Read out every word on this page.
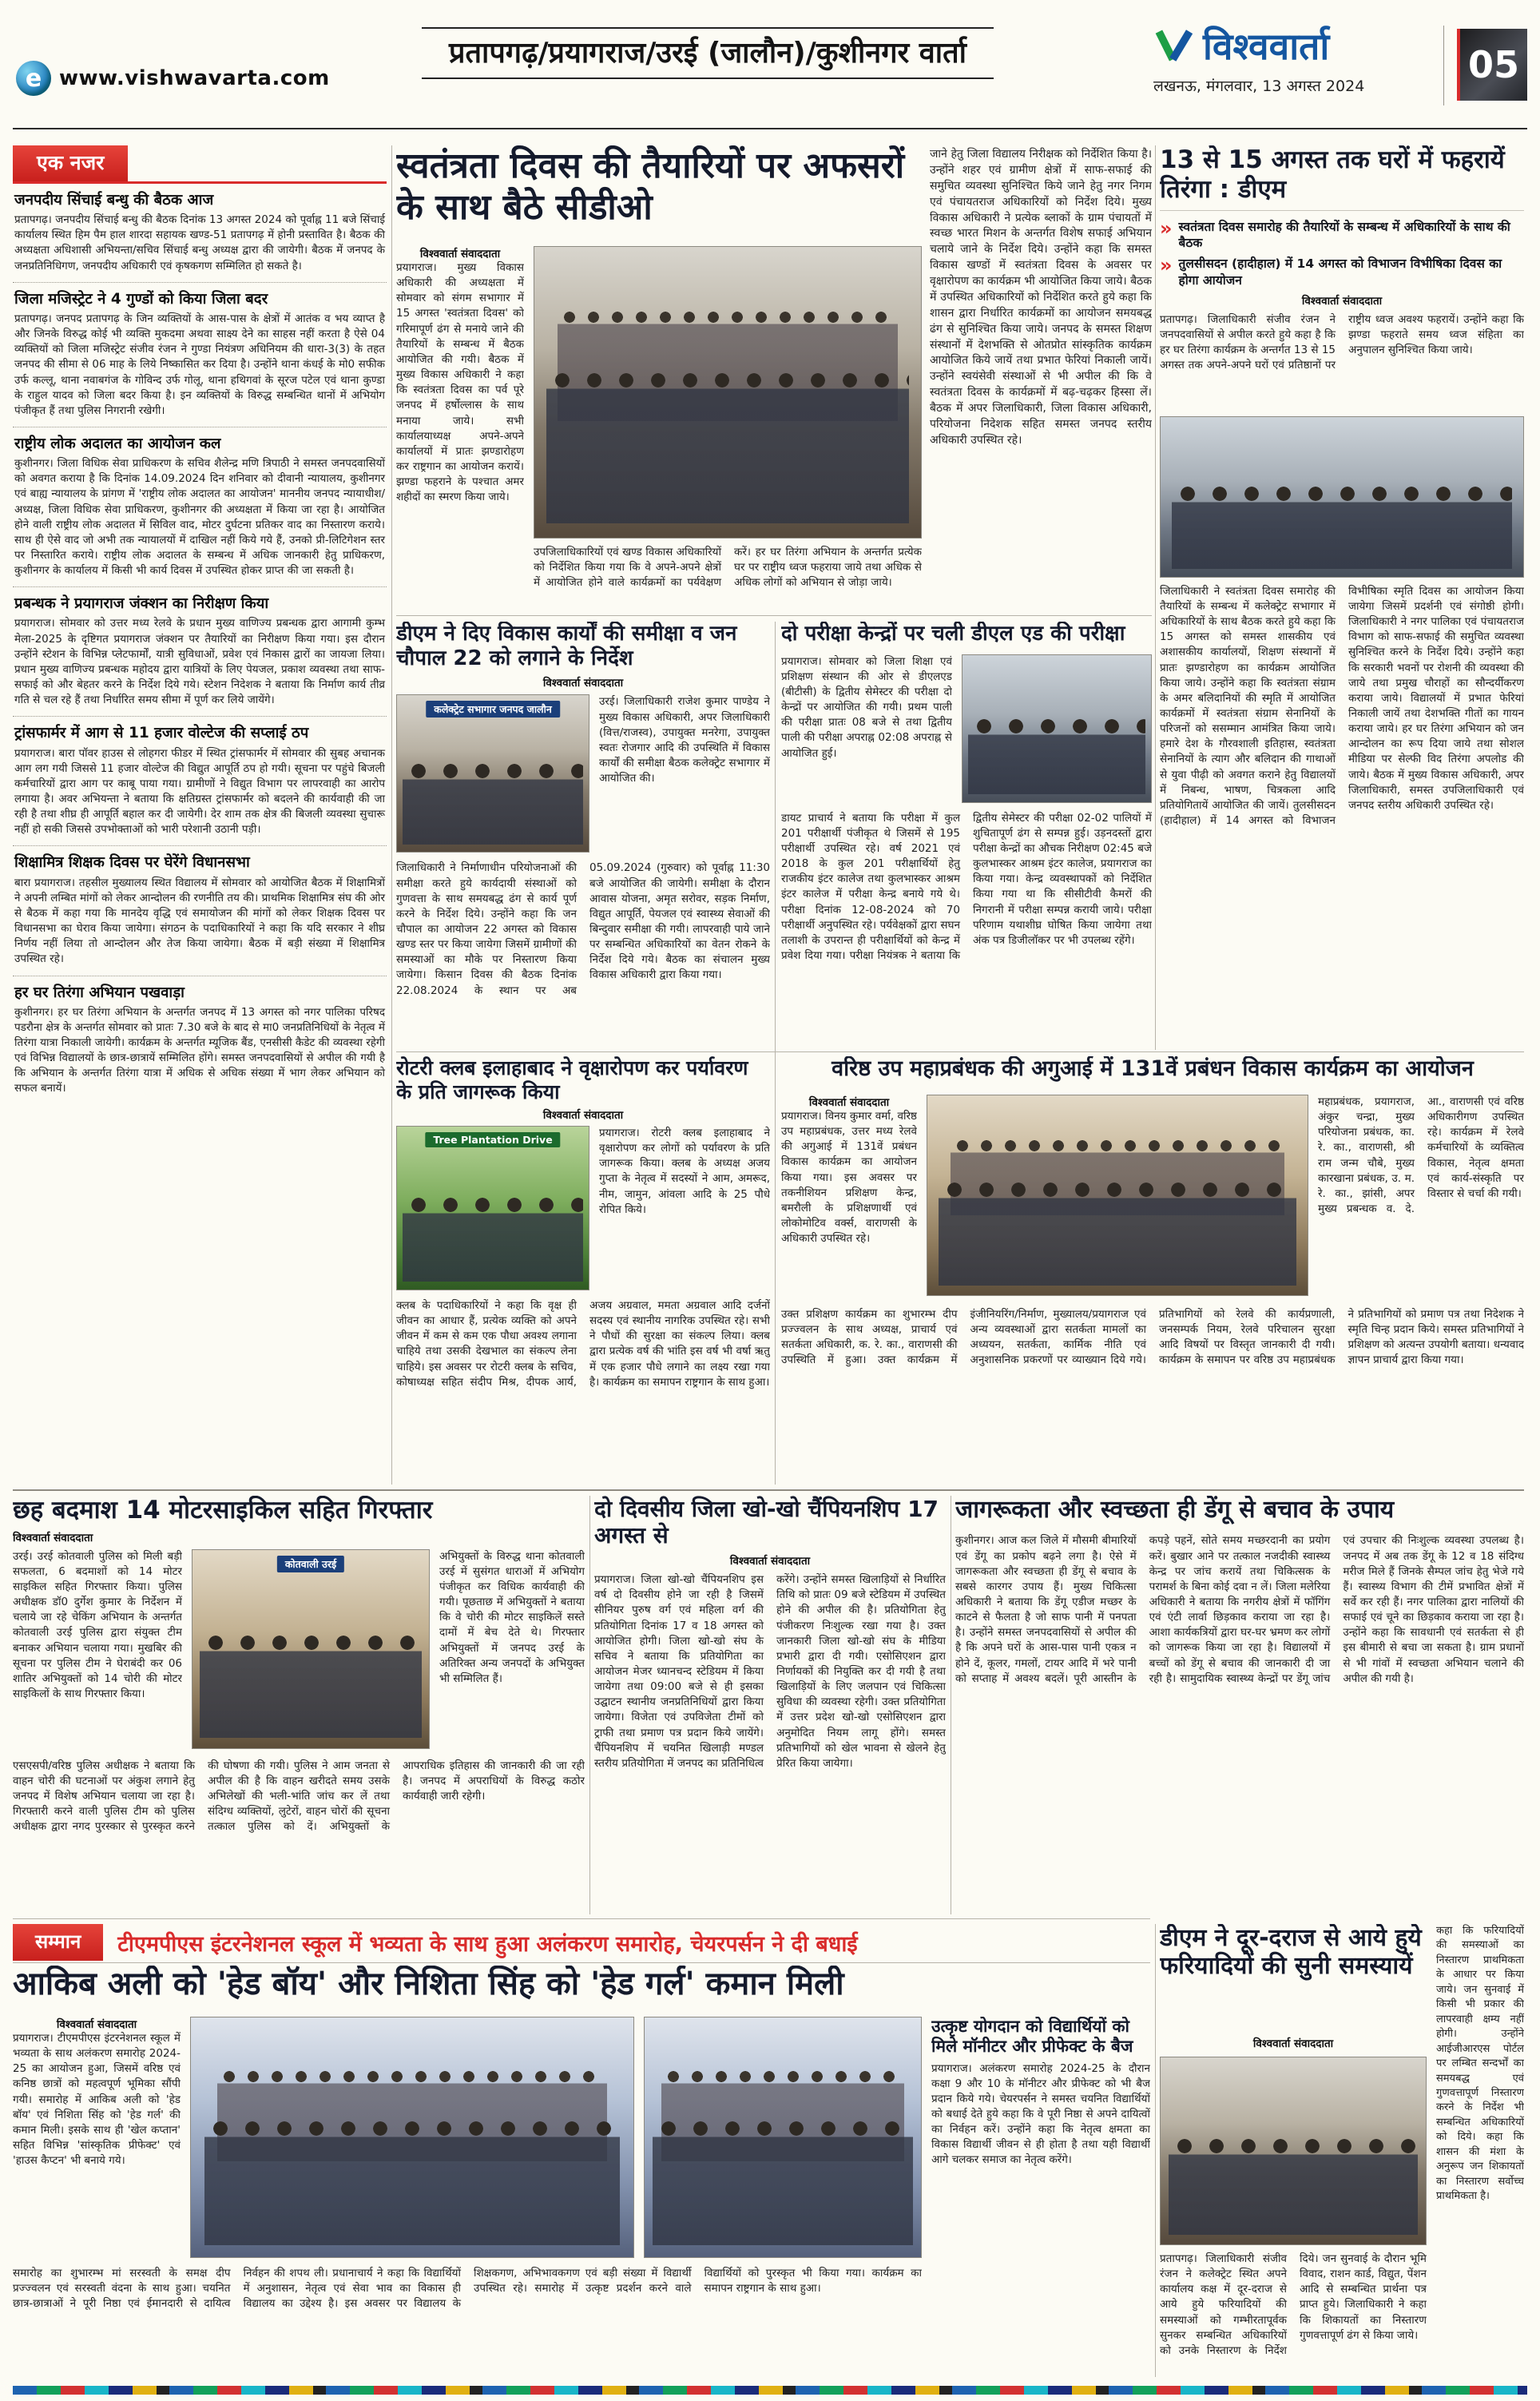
e www.vishwavarta.com
प्रतापगढ़/प्रयागराज/उरई (जालौन)/कुशीनगर वार्ता	विश्ववार्ता
लखनऊ, मंगलवार, 13 अगस्त 2024	05
एक नजर
जनपदीय सिंचाई बन्धु की बैठक आज
प्रतापगढ़। जनपदीय सिंचाई बन्धु की बैठक दिनांक 13 अगस्त 2024 को पूर्वाह्न 11 बजे सिंचाई कार्यालय स्थित हिम पैम हाल शारदा सहायक खण्ड-51 प्रतापगढ़ में होनी प्रस्तावित है। बैठक की अध्यक्षता अधिशासी अभियन्ता/सचिव सिंचाई बन्धु अध्यक्ष द्वारा की जायेगी। बैठक में जनपद के जनप्रतिनिधिगण, जनपदीय अधिकारी एवं कृषकगण सम्मिलित हो सकते है।
जिला मजिस्ट्रेट ने 4 गुण्डों को किया जिला बदर
प्रतापगढ़। जनपद प्रतापगढ़ के जिन व्यक्तियों के आस-पास के क्षेत्रों में आतंक व भय व्याप्त है और जिनके विरुद्ध कोई भी व्यक्ति मुकदमा अथवा साक्ष्य देने का साहस नहीं करता है ऐसे 04 व्यक्तियों को जिला मजिस्ट्रेट संजीव रंजन ने गुण्डा नियंत्रण अधिनियम की धारा-3(3) के तहत जनपद की सीमा से 06 माह के लिये निष्कासित कर दिया है। उन्होंने थाना कंधई के मो0 सफीक उर्फ कल्लू, थाना नवाबगंज के गोविन्द उर्फ गोलू, थाना हथिगवां के सूरज पटेल एवं थाना कुण्डा के राहुल यादव को जिला बदर किया है। इन व्यक्तियों के विरुद्ध सम्बन्धित थानों में अभियोग पंजीकृत हैं तथा पुलिस निगरानी रखेगी।
राष्ट्रीय लोक अदालत का आयोजन कल
कुशीनगर। जिला विधिक सेवा प्राधिकरण के सचिव शैलेन्द्र मणि त्रिपाठी ने समस्त जनपदवासियों को अवगत कराया है कि दिनांक 14.09.2024 दिन शनिवार को दीवानी न्यायालय, कुशीनगर एवं बाह्य न्यायालय के प्रांगण में 'राष्ट्रीय लोक अदालत का आयोजन' माननीय जनपद न्यायाधीश/अध्यक्ष, जिला विधिक सेवा प्राधिकरण, कुशीनगर की अध्यक्षता में किया जा रहा है। आयोजित होने वाली राष्ट्रीय लोक अदालत में सिविल वाद, मोटर दुर्घटना प्रतिकर वाद का निस्तारण कराये। साथ ही ऐसे वाद जो अभी तक न्यायालयों में दाखिल नहीं किये गये हैं, उनको प्री-लिटिगेशन स्तर पर निस्तारित कराये। राष्ट्रीय लोक अदालत के सम्बन्ध में अधिक जानकारी हेतु प्राधिकरण, कुशीनगर के कार्यालय में किसी भी कार्य दिवस में उपस्थित होकर प्राप्त की जा सकती है।
प्रबन्धक ने प्रयागराज जंक्शन का निरीक्षण किया
प्रयागराज। सोमवार को उत्तर मध्य रेलवे के प्रधान मुख्य वाणिज्य प्रबन्धक द्वारा आगामी कुम्भ मेला-2025 के दृष्टिगत प्रयागराज जंक्शन पर तैयारियों का निरीक्षण किया गया। इस दौरान उन्होंने स्टेशन के विभिन्न प्लेटफार्मों, यात्री सुविधाओं, प्रवेश एवं निकास द्वारों का जायजा लिया। प्रधान मुख्य वाणिज्य प्रबन्धक महोदय द्वारा यात्रियों के लिए पेयजल, प्रकाश व्यवस्था तथा साफ-सफाई को और बेहतर करने के निर्देश दिये गये। स्टेशन निदेशक ने बताया कि निर्माण कार्य तीव्र गति से चल रहे हैं तथा निर्धारित समय सीमा में पूर्ण कर लिये जायेंगे।
ट्रांसफार्मर में आग से 11 हजार वोल्टेज की सप्लाई ठप
प्रयागराज। बारा पॉवर हाउस से लोहगरा फीडर में स्थित ट्रांसफार्मर में सोमवार की सुबह अचानक आग लग गयी जिससे 11 हजार वोल्टेज की विद्युत आपूर्ति ठप हो गयी। सूचना पर पहुंचे बिजली कर्मचारियों द्वारा आग पर काबू पाया गया। ग्रामीणों ने विद्युत विभाग पर लापरवाही का आरोप लगाया है। अवर अभियन्ता ने बताया कि क्षतिग्रस्त ट्रांसफार्मर को बदलने की कार्यवाही की जा रही है तथा शीघ्र ही आपूर्ति बहाल कर दी जायेगी। देर शाम तक क्षेत्र की बिजली व्यवस्था सुचारू नहीं हो सकी जिससे उपभोक्ताओं को भारी परेशानी उठानी पड़ी।
शिक्षामित्र शिक्षक दिवस पर घेरेंगे विधानसभा
बारा प्रयागराज। तहसील मुख्यालय स्थित विद्यालय में सोमवार को आयोजित बैठक में शिक्षामित्रों ने अपनी लम्बित मांगों को लेकर आन्दोलन की रणनीति तय की। प्राथमिक शिक्षामित्र संघ की ओर से बैठक में कहा गया कि मानदेय वृद्धि एवं समायोजन की मांगों को लेकर शिक्षक दिवस पर विधानसभा का घेराव किया जायेगा। संगठन के पदाधिकारियों ने कहा कि यदि सरकार ने शीघ्र निर्णय नहीं लिया तो आन्दोलन और तेज किया जायेगा। बैठक में बड़ी संख्या में शिक्षामित्र उपस्थित रहे।
हर घर तिरंगा अभियान पखवाड़ा
कुशीनगर। हर घर तिरंगा अभियान के अन्तर्गत जनपद में 13 अगस्त को नगर पालिका परिषद पडरौना क्षेत्र के अन्तर्गत सोमवार को प्रातः 7.30 बजे के बाद से मा0 जनप्रतिनिधियों के नेतृत्व में तिरंगा यात्रा निकाली जायेगी। कार्यक्रम के अन्तर्गत म्यूजिक बैंड, एनसीसी कैडेट की व्यवस्था रहेगी एवं विभिन्न विद्यालयों के छात्र-छात्रायें सम्मिलित होंगे। समस्त जनपदवासियों से अपील की गयी है कि अभियान के अन्तर्गत तिरंगा यात्रा में अधिक से अधिक संख्या में भाग लेकर अभियान को सफल बनायें।
स्वतंत्रता दिवस की तैयारियों पर अफसरों के साथ बैठे सीडीओ
जाने हेतु जिला विद्यालय निरीक्षक को निर्देशित किया है। उन्होंने शहर एवं ग्रामीण क्षेत्रों में साफ-सफाई की समुचित व्यवस्था सुनिश्चित किये जाने हेतु नगर निगम एवं पंचायतराज अधिकारियों को निर्देश दिये। मुख्य विकास अधिकारी ने प्रत्येक ब्लाकों के ग्राम पंचायतों में स्वच्छ भारत मिशन के अन्तर्गत विशेष सफाई अभियान चलाये जाने के निर्देश दिये। उन्होंने कहा कि समस्त विकास खण्डों में स्वतंत्रता दिवस के अवसर पर वृक्षारोपण का कार्यक्रम भी आयोजित किया जाये। बैठक में उपस्थित अधिकारियों को निर्देशित करते हुये कहा कि शासन द्वारा निर्धारित कार्यक्रमों का आयोजन समयबद्ध ढंग से सुनिश्चित किया जाये। जनपद के समस्त शिक्षण संस्थानों में देशभक्ति से ओतप्रोत सांस्कृतिक कार्यक्रम आयोजित किये जायें तथा प्रभात फेरियां निकाली जायें। उन्होंने स्वयंसेवी संस्थाओं से भी अपील की कि वे स्वतंत्रता दिवस के कार्यक्रमों में बढ़-चढ़कर हिस्सा लें। बैठक में अपर जिलाधिकारी, जिला विकास अधिकारी, परियोजना निदेशक सहित समस्त जनपद स्तरीय अधिकारी उपस्थित रहे।
विश्ववार्ता संवाददाता
प्रयागराज। मुख्य विकास अधिकारी की अध्यक्षता में सोमवार को संगम सभागार में 15 अगस्त 'स्वतंत्रता दिवस' को गरिमापूर्ण ढंग से मनाये जाने की तैयारियों के सम्बन्ध में बैठक आयोजित की गयी। बैठक में मुख्य विकास अधिकारी ने कहा कि स्वतंत्रता दिवस का पर्व पूरे जनपद में हर्षोल्लास के साथ मनाया जाये। सभी कार्यालयाध्यक्ष अपने-अपने कार्यालयों में प्रातः झण्डारोहण कर राष्ट्रगान का आयोजन करायें। झण्डा फहराने के पश्चात अमर शहीदों का स्मरण किया जाये।
उपजिलाधिकारियों एवं खण्ड विकास अधिकारियों को निर्देशित किया गया कि वे अपने-अपने क्षेत्रों में आयोजित होने वाले कार्यक्रमों का पर्यवेक्षण करें। हर घर तिरंगा अभियान के अन्तर्गत प्रत्येक घर पर राष्ट्रीय ध्वज फहराया जाये तथा अधिक से अधिक लोगों को अभियान से जोड़ा जाये।
13 से 15 अगस्त तक घरों में फहरायें तिरंगा : डीएम
» स्वतंत्रता दिवस समारोह की तैयारियों के सम्बन्ध में अधिकारियों के साथ की बैठक
» तुलसीसदन (हादीहाल) में 14 अगस्त को विभाजन विभीषिका दिवस का होगा आयोजन
विश्ववार्ता संवाददाता
प्रतापगढ़। जिलाधिकारी संजीव रंजन ने जनपदवासियों से अपील करते हुये कहा है कि हर घर तिरंगा कार्यक्रम के अन्तर्गत 13 से 15 अगस्त तक अपने-अपने घरों एवं प्रतिष्ठानों पर राष्ट्रीय ध्वज अवश्य फहरायें। उन्होंने कहा कि झण्डा फहराते समय ध्वज संहिता का अनुपालन सुनिश्चित किया जाये।
जिलाधिकारी ने स्वतंत्रता दिवस समारोह की तैयारियों के सम्बन्ध में कलेक्ट्रेट सभागार में अधिकारियों के साथ बैठक करते हुये कहा कि 15 अगस्त को समस्त शासकीय एवं अशासकीय कार्यालयों, शिक्षण संस्थानों में प्रातः झण्डारोहण का कार्यक्रम आयोजित किया जाये। उन्होंने कहा कि स्वतंत्रता संग्राम के अमर बलिदानियों की स्मृति में आयोजित कार्यक्रमों में स्वतंत्रता संग्राम सेनानियों के परिजनों को ससम्मान आमंत्रित किया जाये। हमारे देश के गौरवशाली इतिहास, स्वतंत्रता सेनानियों के त्याग और बलिदान की गाथाओं से युवा पीढ़ी को अवगत कराने हेतु विद्यालयों में निबन्ध, भाषण, चित्रकला आदि प्रतियोगितायें आयोजित की जायें। तुलसीसदन (हादीहाल) में 14 अगस्त को विभाजन विभीषिका स्मृति दिवस का आयोजन किया जायेगा जिसमें प्रदर्शनी एवं संगोष्ठी होगी। जिलाधिकारी ने नगर पालिका एवं पंचायतराज विभाग को साफ-सफाई की समुचित व्यवस्था सुनिश्चित करने के निर्देश दिये। उन्होंने कहा कि सरकारी भवनों पर रोशनी की व्यवस्था की जाये तथा प्रमुख चौराहों का सौन्दर्यीकरण कराया जाये। विद्यालयों में प्रभात फेरियां निकाली जायें तथा देशभक्ति गीतों का गायन कराया जाये। हर घर तिरंगा अभियान को जन आन्दोलन का रूप दिया जाये तथा सोशल मीडिया पर सेल्फी विद तिरंगा अपलोड की जाये। बैठक में मुख्य विकास अधिकारी, अपर जिलाधिकारी, समस्त उपजिलाधिकारी एवं जनपद स्तरीय अधिकारी उपस्थित रहे।
डीएम ने दिए विकास कार्यों की समीक्षा व जन चौपाल 22 को लगाने के निर्देश
विश्ववार्ता संवाददाता
कलेक्ट्रेट सभागार जनपद जालौन
उरई। जिलाधिकारी राजेश कुमार पाण्डेय ने मुख्य विकास अधिकारी, अपर जिलाधिकारी (वित्त/राजस्व), उपायुक्त मनरेगा, उपायुक्त स्वतः रोजगार आदि की उपस्थिति में विकास कार्यों की समीक्षा बैठक कलेक्ट्रेट सभागार में आयोजित की।
जिलाधिकारी ने निर्माणाधीन परियोजनाओं की समीक्षा करते हुये कार्यदायी संस्थाओं को गुणवत्ता के साथ समयबद्ध ढंग से कार्य पूर्ण करने के निर्देश दिये। उन्होंने कहा कि जन चौपाल का आयोजन 22 अगस्त को विकास खण्ड स्तर पर किया जायेगा जिसमें ग्रामीणों की समस्याओं का मौके पर निस्तारण किया जायेगा। किसान दिवस की बैठक दिनांक 22.08.2024 के स्थान पर अब 05.09.2024 (गुरुवार) को पूर्वाह्न 11:30 बजे आयोजित की जायेगी। समीक्षा के दौरान आवास योजना, अमृत सरोवर, सड़क निर्माण, विद्युत आपूर्ति, पेयजल एवं स्वास्थ्य सेवाओं की बिन्दुवार समीक्षा की गयी। लापरवाही पाये जाने पर सम्बन्धित अधिकारियों का वेतन रोकने के निर्देश दिये गये। बैठक का संचालन मुख्य विकास अधिकारी द्वारा किया गया।
दो परीक्षा केन्द्रों पर चली डीएल एड की परीक्षा
प्रयागराज। सोमवार को जिला शिक्षा एवं प्रशिक्षण संस्थान की ओर से डीएलएड (बीटीसी) के द्वितीय सेमेस्टर की परीक्षा दो केन्द्रों पर आयोजित की गयी। प्रथम पाली की परीक्षा प्रातः 08 बजे से तथा द्वितीय पाली की परीक्षा अपराह्न 02:08 अपराह्न से आयोजित हुई।
डायट प्राचार्य ने बताया कि परीक्षा में कुल 201 परीक्षार्थी पंजीकृत थे जिसमें से 195 परीक्षार्थी उपस्थित रहे। वर्ष 2021 एवं 2018 के कुल 201 परीक्षार्थियों हेतु राजकीय इंटर कालेज तथा कुलभास्कर आश्रम इंटर कालेज में परीक्षा केन्द्र बनाये गये थे। परीक्षा दिनांक 12-08-2024 को 70 परीक्षार्थी अनुपस्थित रहे। पर्यवेक्षकों द्वारा सघन तलाशी के उपरान्त ही परीक्षार्थियों को केन्द्र में प्रवेश दिया गया। परीक्षा नियंत्रक ने बताया कि द्वितीय सेमेस्टर की परीक्षा 02-02 पालियों में शुचितापूर्ण ढंग से सम्पन्न हुई। उड़नदस्तों द्वारा परीक्षा केन्द्रों का औचक निरीक्षण 02:45 बजे कुलभास्कर आश्रम इंटर कालेज, प्रयागराज का किया गया। केन्द्र व्यवस्थापकों को निर्देशित किया गया था कि सीसीटीवी कैमरों की निगरानी में परीक्षा सम्पन्न करायी जाये। परीक्षा परिणाम यथाशीघ्र घोषित किया जायेगा तथा अंक पत्र डिजीलॉकर पर भी उपलब्ध रहेंगे।
रोटरी क्लब इलाहाबाद ने वृक्षारोपण कर पर्यावरण के प्रति जागरूक किया
विश्ववार्ता संवाददाता
Tree Plantation Drive
प्रयागराज। रोटरी क्लब इलाहाबाद ने वृक्षारोपण कर लोगों को पर्यावरण के प्रति जागरूक किया। क्लब के अध्यक्ष अजय गुप्ता के नेतृत्व में सदस्यों ने आम, अमरूद, नीम, जामुन, आंवला आदि के 25 पौधे रोपित किये।
क्लब के पदाधिकारियों ने कहा कि वृक्ष ही जीवन का आधार हैं, प्रत्येक व्यक्ति को अपने जीवन में कम से कम एक पौधा अवश्य लगाना चाहिये तथा उसकी देखभाल का संकल्प लेना चाहिये। इस अवसर पर रोटरी क्लब के सचिव, कोषाध्यक्ष सहित संदीप मिश्र, दीपक आर्य, अजय अग्रवाल, ममता अग्रवाल आदि दर्जनों सदस्य एवं स्थानीय नागरिक उपस्थित रहे। सभी ने पौधों की सुरक्षा का संकल्प लिया। क्लब द्वारा प्रत्येक वर्ष की भांति इस वर्ष भी वर्षा ऋतु में एक हजार पौधे लगाने का लक्ष्य रखा गया है। कार्यक्रम का समापन राष्ट्रगान के साथ हुआ।
वरिष्ठ उप महाप्रबंधक की अगुआई में 131वें प्रबंधन विकास कार्यक्रम का आयोजन
विश्ववार्ता संवाददाता
प्रयागराज। विनय कुमार वर्मा, वरिष्ठ उप महाप्रबंधक, उत्तर मध्य रेलवे की अगुआई में 131वें प्रबंधन विकास कार्यक्रम का आयोजन किया गया। इस अवसर पर तकनीशियन प्रशिक्षण केन्द्र, बमरौली के प्रशिक्षणार्थी एवं लोकोमोटिव वर्क्स, वाराणसी के अधिकारी उपस्थित रहे।
महाप्रबंधक, प्रयागराज, अंकुर चन्द्रा, मुख्य परियोजना प्रबंधक, का. रे. का., वाराणसी, श्री राम जन्म चौबे, मुख्य कारखाना प्रबंधक, उ. म. रे. का., झांसी, अपर मुख्य प्रबन्धक व. दे. आ., वाराणसी एवं वरिष्ठ अधिकारीगण उपस्थित रहे। कार्यक्रम में रेलवे कर्मचारियों के व्यक्तित्व विकास, नेतृत्व क्षमता एवं कार्य-संस्कृति पर विस्तार से चर्चा की गयी।
उक्त प्रशिक्षण कार्यक्रम का शुभारम्भ दीप प्रज्ज्वलन के साथ अध्यक्ष, प्राचार्य एवं सतर्कता अधिकारी, क. रे. का., वाराणसी की उपस्थिति में हुआ। उक्त कार्यक्रम में इंजीनियरिंग/निर्माण, मुख्यालय/प्रयागराज एवं अन्य व्यवस्थाओं द्वारा सतर्कता मामलों का अध्ययन, सतर्कता, कार्मिक नीति एवं अनुशासनिक प्रकरणों पर व्याख्यान दिये गये। प्रतिभागियों को रेलवे की कार्यप्रणाली, जनसम्पर्क नियम, रेलवे परिचालन सुरक्षा आदि विषयों पर विस्तृत जानकारी दी गयी। कार्यक्रम के समापन पर वरिष्ठ उप महाप्रबंधक ने प्रतिभागियों को प्रमाण पत्र तथा निदेशक ने स्मृति चिन्ह प्रदान किये। समस्त प्रतिभागियों ने प्रशिक्षण को अत्यन्त उपयोगी बताया। धन्यवाद ज्ञापन प्राचार्य द्वारा किया गया।
छह बदमाश 14 मोटरसाइकिल सहित गिरफ्तार
विश्ववार्ता संवाददाता
उरई। उरई कोतवाली पुलिस को मिली बड़ी सफलता, 6 बदमाशों को 14 मोटर साइकिल सहित गिरफ्तार किया। पुलिस अधीक्षक डॉ0 दुर्गेश कुमार के निर्देशन में चलाये जा रहे चेकिंग अभियान के अन्तर्गत कोतवाली उरई पुलिस द्वारा संयुक्त टीम बनाकर अभियान चलाया गया। मुखबिर की सूचना पर पुलिस टीम ने घेराबंदी कर 06 शातिर अभियुक्तों को 14 चोरी की मोटर साइकिलों के साथ गिरफ्तार किया।
कोतवाली उरई
अभियुक्तों के विरुद्ध थाना कोतवाली उरई में सुसंगत धाराओं में अभियोग पंजीकृत कर विधिक कार्यवाही की गयी। पूछताछ में अभियुक्तों ने बताया कि वे चोरी की मोटर साइकिलें सस्ते दामों में बेच देते थे। गिरफ्तार अभियुक्तों में जनपद उरई के अतिरिक्त अन्य जनपदों के अभियुक्त भी सम्मिलित हैं।
एसएसपी/वरिष्ठ पुलिस अधीक्षक ने बताया कि वाहन चोरी की घटनाओं पर अंकुश लगाने हेतु जनपद में विशेष अभियान चलाया जा रहा है। गिरफ्तारी करने वाली पुलिस टीम को पुलिस अधीक्षक द्वारा नगद पुरस्कार से पुरस्कृत करने की घोषणा की गयी। पुलिस ने आम जनता से अपील की है कि वाहन खरीदते समय उसके अभिलेखों की भली-भांति जांच कर लें तथा संदिग्ध व्यक्तियों, लुटेरों, वाहन चोरों की सूचना तत्काल पुलिस को दें। अभियुक्तों के आपराधिक इतिहास की जानकारी की जा रही है। जनपद में अपराधियों के विरुद्ध कठोर कार्यवाही जारी रहेगी।
दो दिवसीय जिला खो-खो चैंपियनशिप 17 अगस्त से
विश्ववार्ता संवाददाता
प्रयागराज। जिला खो-खो चैंपियनशिप इस वर्ष दो दिवसीय होने जा रही है जिसमें सीनियर पुरुष वर्ग एवं महिला वर्ग की प्रतियोगिता दिनांक 17 व 18 अगस्त को आयोजित होगी। जिला खो-खो संघ के सचिव ने बताया कि प्रतियोगिता का आयोजन मेजर ध्यानचन्द स्टेडियम में किया जायेगा तथा 09:00 बजे से ही इसका उद्घाटन स्थानीय जनप्रतिनिधियों द्वारा किया जायेगा। विजेता एवं उपविजेता टीमों को ट्राफी तथा प्रमाण पत्र प्रदान किये जायेंगे। चैंपियनशिप में चयनित खिलाड़ी मण्डल स्तरीय प्रतियोगिता में जनपद का प्रतिनिधित्व करेंगे। उन्होंने समस्त खिलाड़ियों से निर्धारित तिथि को प्रातः 09 बजे स्टेडियम में उपस्थित होने की अपील की है। प्रतियोगिता हेतु पंजीकरण निःशुल्क रखा गया है। उक्त जानकारी जिला खो-खो संघ के मीडिया प्रभारी द्वारा दी गयी। एसोसिएशन द्वारा निर्णायकों की नियुक्ति कर दी गयी है तथा खिलाड़ियों के लिए जलपान एवं चिकित्सा सुविधा की व्यवस्था रहेगी। उक्त प्रतियोगिता में उत्तर प्रदेश खो-खो एसोसिएशन द्वारा अनुमोदित नियम लागू होंगे। समस्त प्रतिभागियों को खेल भावना से खेलने हेतु प्रेरित किया जायेगा।
जागरूकता और स्वच्छता ही डेंगू से बचाव के उपाय
कुशीनगर। आज कल जिले में मौसमी बीमारियों एवं डेंगू का प्रकोप बढ़ने लगा है। ऐसे में जागरूकता और स्वच्छता ही डेंगू से बचाव के सबसे कारगर उपाय हैं। मुख्य चिकित्सा अधिकारी ने बताया कि डेंगू एडीज मच्छर के काटने से फैलता है जो साफ पानी में पनपता है। उन्होंने समस्त जनपदवासियों से अपील की है कि अपने घरों के आस-पास पानी एकत्र न होने दें, कूलर, गमलों, टायर आदि में भरे पानी को सप्ताह में अवश्य बदलें। पूरी आस्तीन के कपड़े पहनें, सोते समय मच्छरदानी का प्रयोग करें। बुखार आने पर तत्काल नजदीकी स्वास्थ्य केन्द्र पर जांच करायें तथा चिकित्सक के परामर्श के बिना कोई दवा न लें। जिला मलेरिया अधिकारी ने बताया कि नगरीय क्षेत्रों में फॉगिंग एवं एंटी लार्वा छिड़काव कराया जा रहा है। आशा कार्यकत्रियों द्वारा घर-घर भ्रमण कर लोगों को जागरूक किया जा रहा है। विद्यालयों में बच्चों को डेंगू से बचाव की जानकारी दी जा रही है। सामुदायिक स्वास्थ्य केन्द्रों पर डेंगू जांच एवं उपचार की निःशुल्क व्यवस्था उपलब्ध है। जनपद में अब तक डेंगू के 12 व 18 संदिग्ध मरीज मिले हैं जिनके सैम्पल जांच हेतु भेजे गये हैं। स्वास्थ्य विभाग की टीमें प्रभावित क्षेत्रों में सर्वे कर रही हैं। नगर पालिका द्वारा नालियों की सफाई एवं चूने का छिड़काव कराया जा रहा है। उन्होंने कहा कि सावधानी एवं सतर्कता से ही इस बीमारी से बचा जा सकता है। ग्राम प्रधानों से भी गांवों में स्वच्छता अभियान चलाने की अपील की गयी है।
सम्मान	टीएमपीएस इंटरनेशनल स्कूल में भव्यता के साथ हुआ अलंकरण समारोह, चेयरपर्सन ने दी बधाई
आकिब अली को 'हेड बॉय' और निशिता सिंह को 'हेड गर्ल' कमान मिली
विश्ववार्ता संवाददाता
प्रयागराज। टीएमपीएस इंटरनेशनल स्कूल में भव्यता के साथ अलंकरण समारोह 2024-25 का आयोजन हुआ, जिसमें वरिष्ठ एवं कनिष्ठ छात्रों को महत्वपूर्ण भूमिका सौंपी गयी। समारोह में आकिब अली को 'हेड बॉय' एवं निशिता सिंह को 'हेड गर्ल' की कमान मिली। इसके साथ ही 'खेल कप्तान' सहित विभिन्न 'सांस्कृतिक प्रीफेक्ट' एवं 'हाउस कैप्टन' भी बनाये गये।
उत्कृष्ट योगदान को विद्यार्थियों को मिले मॉनीटर और प्रीफेक्ट के बैज
प्रयागराज। अलंकरण समारोह 2024-25 के दौरान कक्षा 9 और 10 के मॉनीटर और प्रीफेक्ट को भी बैज प्रदान किये गये। चेयरपर्सन ने समस्त चयनित विद्यार्थियों को बधाई देते हुये कहा कि वे पूरी निष्ठा से अपने दायित्वों का निर्वहन करें। उन्होंने कहा कि नेतृत्व क्षमता का विकास विद्यार्थी जीवन से ही होता है तथा यही विद्यार्थी आगे चलकर समाज का नेतृत्व करेंगे।
समारोह का शुभारम्भ मां सरस्वती के समक्ष दीप प्रज्ज्वलन एवं सरस्वती वंदना के साथ हुआ। चयनित छात्र-छात्राओं ने पूरी निष्ठा एवं ईमानदारी से दायित्व निर्वहन की शपथ ली। प्रधानाचार्य ने कहा कि विद्यार्थियों में अनुशासन, नेतृत्व एवं सेवा भाव का विकास ही विद्यालय का उद्देश्य है। इस अवसर पर विद्यालय के शिक्षकगण, अभिभावकगण एवं बड़ी संख्या में विद्यार्थी उपस्थित रहे। समारोह में उत्कृष्ट प्रदर्शन करने वाले विद्यार्थियों को पुरस्कृत भी किया गया। कार्यक्रम का समापन राष्ट्रगान के साथ हुआ।
डीएम ने दूर-दराज से आये हुये फरियादियों की सुनी समस्यायें
कहा कि फरियादियों की समस्याओं का निस्तारण प्राथमिकता के आधार पर किया जाये। जन सुनवाई में किसी भी प्रकार की लापरवाही क्षम्य नहीं होगी। उन्होंने आईजीआरएस पोर्टल पर लम्बित सन्दर्भों का समयबद्ध एवं गुणवत्तापूर्ण निस्तारण करने के निर्देश भी सम्बन्धित अधिकारियों को दिये। कहा कि शासन की मंशा के अनुरूप जन शिकायतों का निस्तारण सर्वोच्च प्राथमिकता है।
विश्ववार्ता संवाददाता
प्रतापगढ़। जिलाधिकारी संजीव रंजन ने कलेक्ट्रेट स्थित अपने कार्यालय कक्ष में दूर-दराज से आये हुये फरियादियों की समस्याओं को गम्भीरतापूर्वक सुनकर सम्बन्धित अधिकारियों को उनके निस्तारण के निर्देश दिये। जन सुनवाई के दौरान भूमि विवाद, राशन कार्ड, विद्युत, पेंशन आदि से सम्बन्धित प्रार्थना पत्र प्राप्त हुये। जिलाधिकारी ने कहा कि शिकायतों का निस्तारण गुणवत्तापूर्ण ढंग से किया जाये।
